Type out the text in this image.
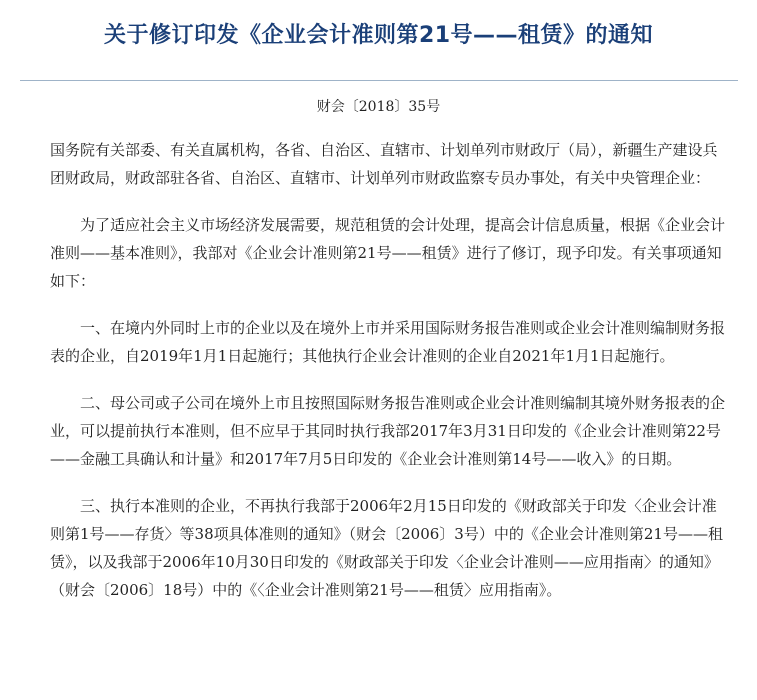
关于修订印发《企业会计准则第21号——租赁》的通知
财会〔2018〕35号

国务院有关部委、有关直属机构，各省、自治区、直辖市、计划单列市财政厅（局），新疆生产建设兵团财政局，财政部驻各省、自治区、直辖市、计划单列市财政监察专员办事处，有关中央管理企业：

为了适应社会主义市场经济发展需要，规范租赁的会计处理，提高会计信息质量，根据《企业会计准则——基本准则》，我部对《企业会计准则第21号——租赁》进行了修订，现予印发。有关事项通知如下：

一、在境内外同时上市的企业以及在境外上市并采用国际财务报告准则或企业会计准则编制财务报表的企业，自2019年1月1日起施行；其他执行企业会计准则的企业自2021年1月1日起施行。

二、母公司或子公司在境外上市且按照国际财务报告准则或企业会计准则编制其境外财务报表的企业，可以提前执行本准则，但不应早于其同时执行我部2017年3月31日印发的《企业会计准则第22号——金融工具确认和计量》和2017年7月5日印发的《企业会计准则第14号——收入》的日期。

三、执行本准则的企业，不再执行我部于2006年2月15日印发的《财政部关于印发〈企业会计准则第1号——存货〉等38项具体准则的通知》（财会〔2006〕3号）中的《企业会计准则第21号——租赁》，以及我部于2006年10月30日印发的《财政部关于印发〈企业会计准则——应用指南〉的通知》（财会〔2006〕18号）中的《〈企业会计准则第21号——租赁〉应用指南》。
